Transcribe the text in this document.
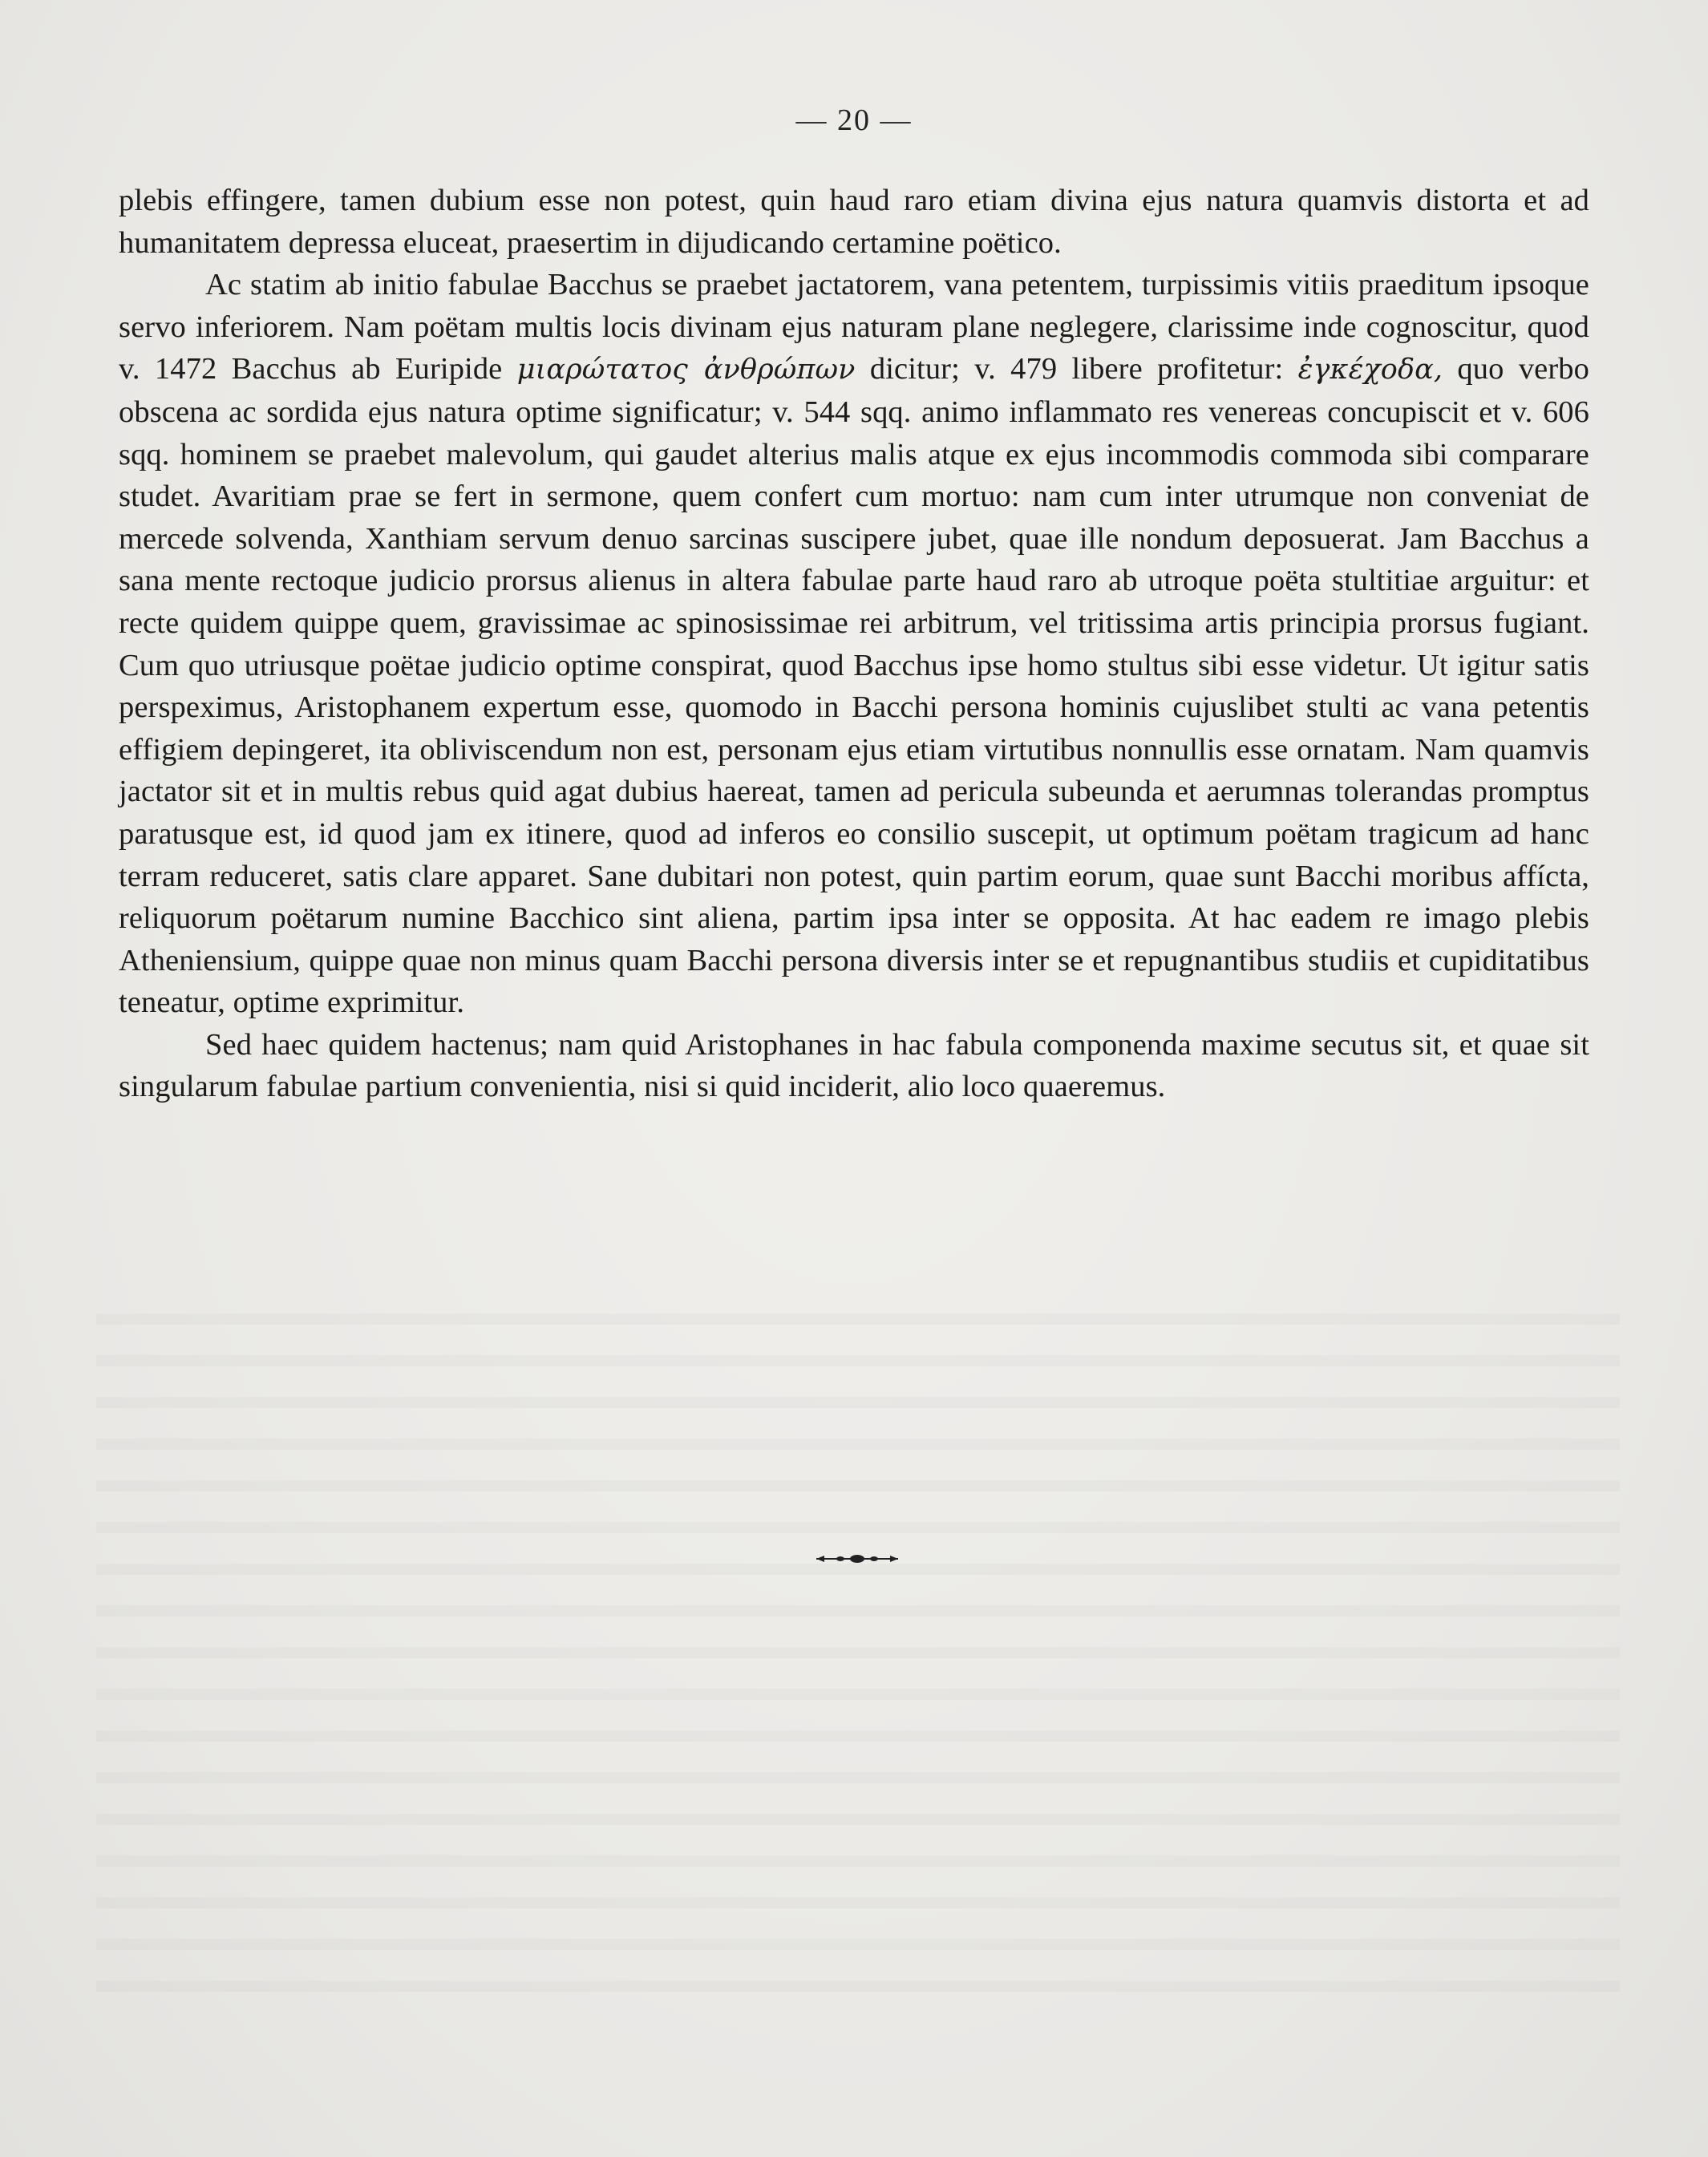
— 20 —

plebis effingere, tamen dubium esse non potest, quin haud raro etiam divina ejus natura quamvis distorta et ad humanitatem depressa eluceat, praesertim in dijudicando certamine poëtico.

Ac statim ab initio fabulae Bacchus se praebet jactatorem, vana petentem, turpissimis vitiis praeditum ipsoque servo inferiorem. Nam poëtam multis locis divinam ejus naturam plane neglegere, clarissime inde cognoscitur, quod v. 1472 Bacchus ab Euripide μιαρώτατος ἀνθρώπων dicitur; v. 479 libere profitetur: ἐγκέχοδα, quo verbo obscena ac sordida ejus natura optime significatur; v. 544 sqq. animo inflammato res venereas concupiscit et v. 606 sqq. hominem se praebet malevolum, qui gaudet alterius malis atque ex ejus incommodis commoda sibi comparare studet. Avaritiam prae se fert in sermone, quem confert cum mortuo: nam cum inter utrumque non conveniat de mercede solvenda, Xanthiam servum denuo sarcinas suscipere jubet, quae ille nondum deposuerat. Jam Bacchus a sana mente rectoque judicio prorsus alienus in altera fabulae parte haud raro ab utroque poëta stultitiae arguitur: et recte quidem quippe quem, gravissimae ac spinosissimae rei arbitrum, vel tritissima artis principia prorsus fugiant. Cum quo utriusque poëtae judicio optime conspirat, quod Bacchus ipse homo stultus sibi esse videtur. Ut igitur satis perspeximus, Aristophanem expertum esse, quomodo in Bacchi persona hominis cujuslibet stulti ac vana petentis effigiem depingeret, ita obliviscendum non est, personam ejus etiam virtutibus nonnullis esse ornatam. Nam quamvis jactator sit et in multis rebus quid agat dubius haereat, tamen ad pericula subeunda et aerumnas tolerandas promptus paratusque est, id quod jam ex itinere, quod ad inferos eo consilio suscepit, ut optimum poëtam tragicum ad hanc terram reduceret, satis clare apparet. Sane dubitari non potest, quin partim eorum, quae sunt Bacchi moribus affícta, reliquorum poëtarum numine Bacchico sint aliena, partim ipsa inter se opposita. At hac eadem re imago plebis Atheniensium, quippe quae non minus quam Bacchi persona diversis inter se et repugnantibus studiis et cupiditatibus teneatur, optime exprimitur.

Sed haec quidem hactenus; nam quid Aristophanes in hac fabula componenda maxime secutus sit, et quae sit singularum fabulae partium convenientia, nisi si quid inciderit, alio loco quaeremus.
